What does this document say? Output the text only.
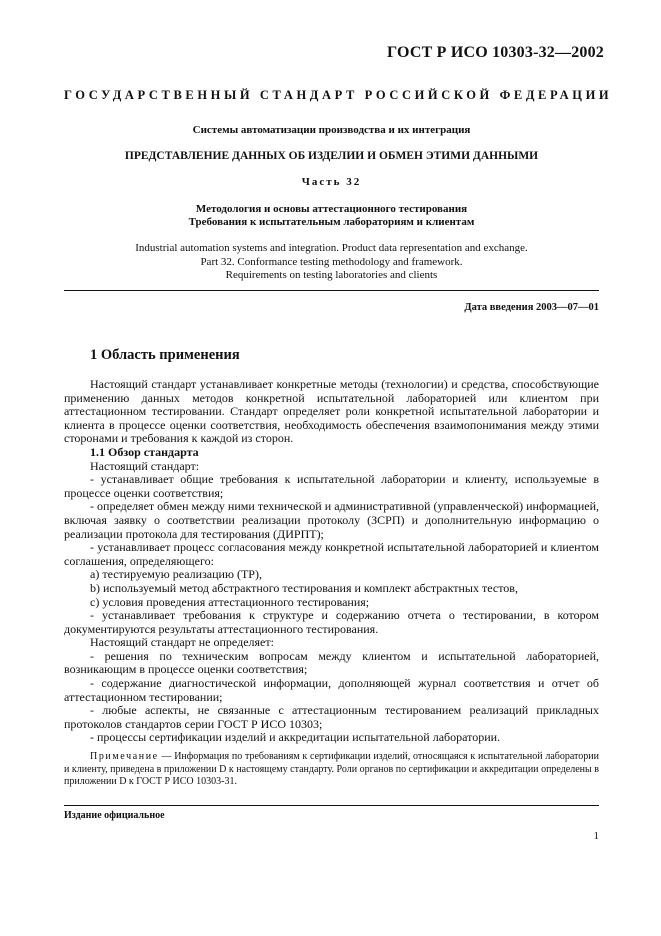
ГОСТ Р ИСО 10303-32—2002
ГОСУДАРСТВЕННЫЙ СТАНДАРТ РОССИЙСКОЙ ФЕДЕРАЦИИ
Системы автоматизации производства и их интеграция
ПРЕДСТАВЛЕНИЕ ДАННЫХ ОБ ИЗДЕЛИИ И ОБМЕН ЭТИМИ ДАННЫМИ
Часть 32
Методология и основы аттестационного тестирования
Требования к испытательным лабораториям и клиентам
Industrial automation systems and integration. Product data representation and exchange.
Part 32. Conformance testing methodology and framework.
Requirements on testing laboratories and clients
Дата введения 2003—07—01
1 Область применения

Настоящий стандарт устанавливает конкретные методы (технологии) и средства, способствующие применению данных методов конкретной испытательной лабораторией или клиентом при аттестационном тестировании. Стандарт определяет роли конкретной испытательной лаборатории и клиента в процессе оценки соответствия, необходимость обеспечения взаимопонимания между этими сторонами и требования к каждой из сторон.

1.1 Обзор стандарта

Настоящий стандарт:

- устанавливает общие требования к испытательной лаборатории и клиенту, используемые в процессе оценки соответствия;

- определяет обмен между ними технической и административной (управленческой) информацией, включая заявку о соответствии реализации протоколу (ЗСРП) и дополнительную информацию о реализации протокола для тестирования (ДИРПТ);

- устанавливает процесс согласования между конкретной испытательной лабораторией и клиентом соглашения, определяющего:

a) тестируемую реализацию (ТР),

b) используемый метод абстрактного тестирования и комплект абстрактных тестов,

c) условия проведения аттестационного тестирования;

- устанавливает требования к структуре и содержанию отчета о тестировании, в котором документируются результаты аттестационного тестирования.

Настоящий стандарт не определяет:

- решения по техническим вопросам между клиентом и испытательной лабораторией, возникающим в процессе оценки соответствия;

- содержание диагностической информации, дополняющей журнал соответствия и отчет об аттестационном тестировании;

- любые аспекты, не связанные с аттестационным тестированием реализаций прикладных протоколов стандартов серии ГОСТ Р ИСО 10303;

- процессы сертификации изделий и аккредитации испытательной лаборатории.

Примечание — Информация по требованиям к сертификации изделий, относящаяся к испытательной лаборатории и клиенту, приведена в приложении D к настоящему стандарту. Роли органов по сертификации и аккредитации определены в приложении D к ГОСТ Р ИСО 10303-31.
Издание официальное
1
